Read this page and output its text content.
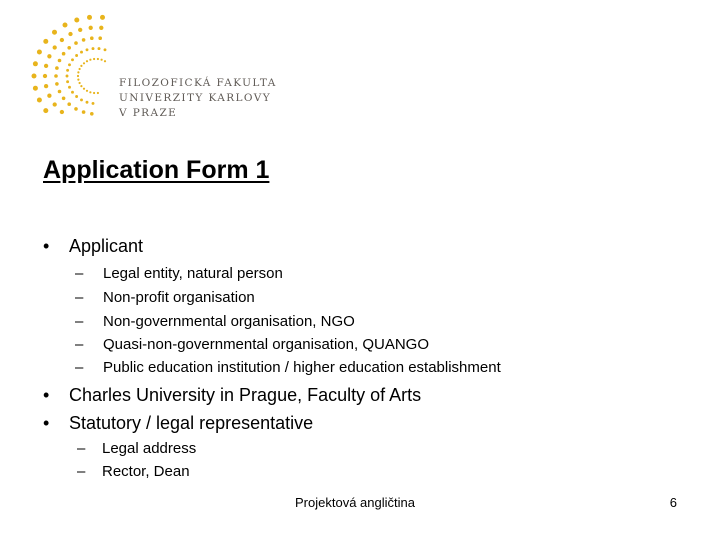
FILOZOFICKÁ FAKULTA
UNIVERZITY KARLOVY
V PRAZE
Application Form 1
• Applicant
– Legal entity, natural person
– Non-profit organisation
– Non-governmental organisation, NGO
– Quasi-non-governmental organisation, QUANGO
– Public education institution / higher education establishment
• Charles University in Prague, Faculty of Arts
• Statutory / legal representative
– Legal address
– Rector, Dean
Projektová angličtina	6
